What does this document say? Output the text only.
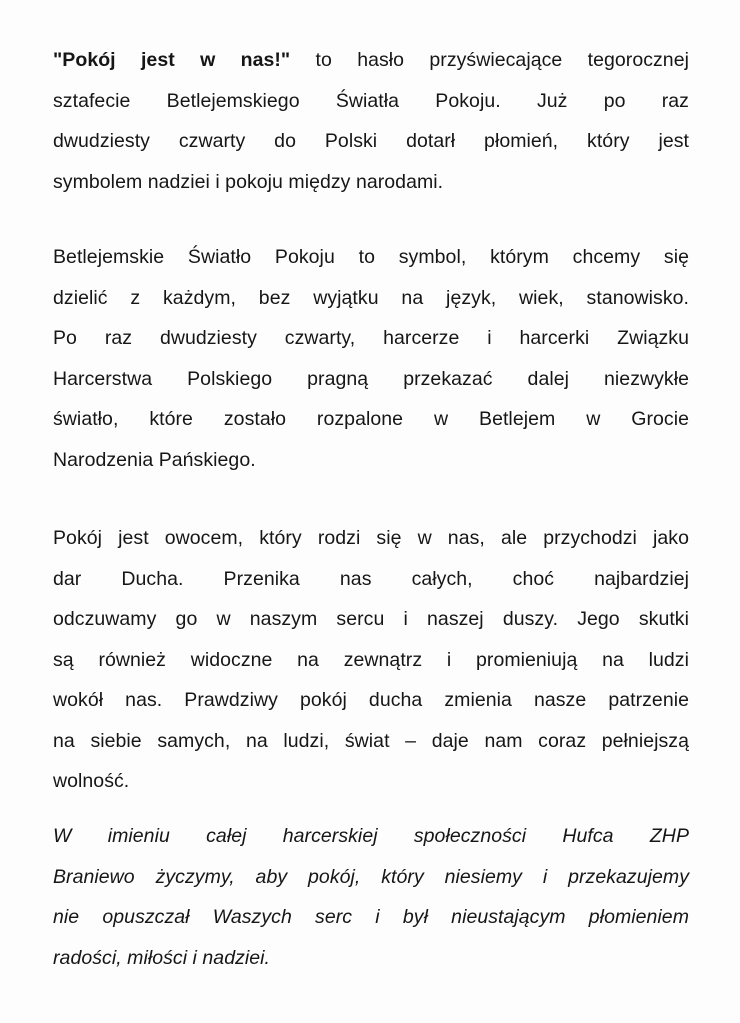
"Pokój jest w nas!" to hasło przyświecające tegorocznej
sztafecie Betlejemskiego Światła Pokoju. Już po raz
dwudziesty czwarty do Polski dotarł płomień, który jest
symbolem nadziei i pokoju między narodami.

Betlejemskie Światło Pokoju to symbol, którym chcemy się
dzielić z każdym, bez wyjątku na język, wiek, stanowisko.
Po raz dwudziesty czwarty, harcerze i harcerki Związku
Harcerstwa Polskiego pragną przekazać dalej niezwykłe
światło, które zostało rozpalone w Betlejem w Grocie
Narodzenia Pańskiego.

Pokój jest owocem, który rodzi się w nas, ale przychodzi jako
dar Ducha. Przenika nas całych, choć najbardziej
odczuwamy go w naszym sercu i naszej duszy. Jego skutki
są również widoczne na zewnątrz i promieniują na ludzi
wokół nas. Prawdziwy pokój ducha zmienia nasze patrzenie
na siebie samych, na ludzi, świat – daje nam coraz pełniejszą
wolność.

W imieniu całej harcerskiej społeczności Hufca ZHP
Braniewo życzymy, aby pokój, który niesiemy i przekazujemy
nie opuszczał Waszych serc i był nieustającym płomieniem
radości, miłości i nadziei.
